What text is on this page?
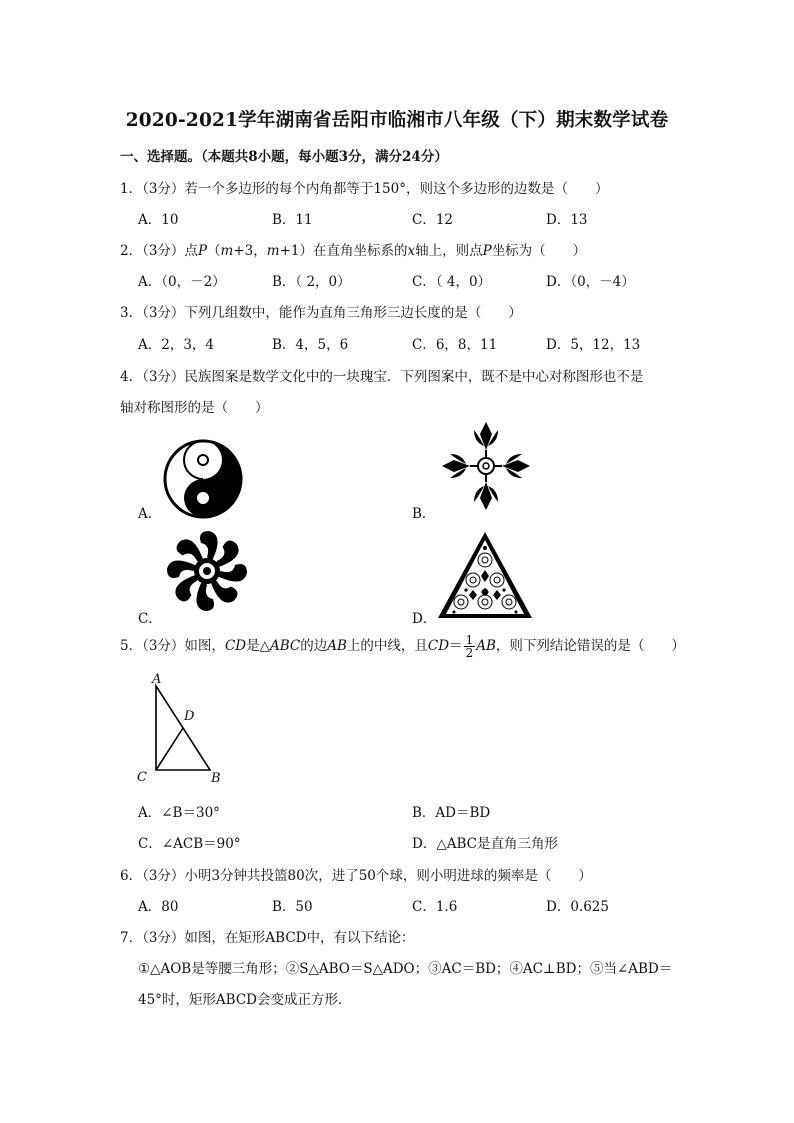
2020-2021学年湖南省岳阳市临湘市八年级（下）期末数学试卷
一、选择题。（本题共8小题，每小题3分，满分24分）
1．（3分）若一个多边形的每个内角都等于150°，则这个多边形的边数是（　　）
A．10	B．11	C．12	D．13
2．（3分）点P（m+3，m+1）在直角坐标系的x轴上，则点P坐标为（　　）
A．（0，－2）	B．（ 2，0）	C．（ 4，0）	D．（0，－4）
3．（3分）下列几组数中，能作为直角三角形三边长度的是（　　）
A．2，3，4	B．4，5，6	C．6，8，11	D．5，12，13
4．（3分）民族图案是数学文化中的一块瑰宝．下列图案中，既不是中心对称图形也不是
轴对称图形的是（　　）
A．	B．
C．	D．
5．（3分）如图，CD是△ABC的边AB上的中线，且$CD= \frac{1}{2}$ AB，则下列结论错误的是（　　）
A
D
C	B
A．∠B＝30°	B．AD＝BD
C．∠ACB＝90°	D．△ABC是直角三角形
6．（3分）小明3分钟共投篮80次，进了50个球，则小明进球的频率是（　　）
A．80	B．50	C．1.6	D．0.625
7．（3分）如图，在矩形ABCD中，有以下结论：
①△AOB是等腰三角形；②S△ABO＝S△ADO；③AC＝BD；④AC⊥BD；⑤当∠ABD＝
45°时，矩形ABCD会变成正方形．
